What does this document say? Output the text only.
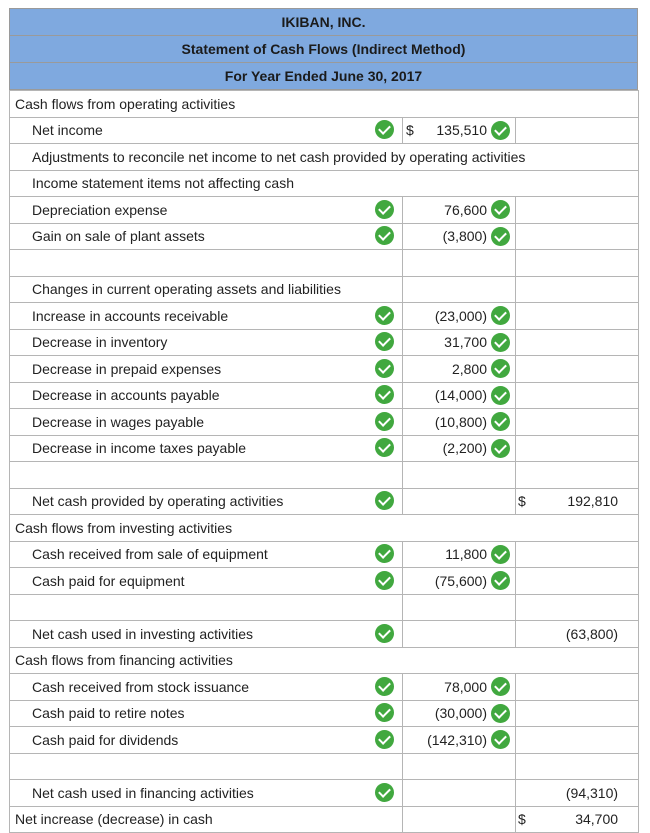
IKIBAN, INC.
Statement of Cash Flows (Indirect Method)
For Year Ended June 30, 2017
Cash flows from operating activities		
Net income	$ 135,510	

Adjustments to reconcile net income to net cash provided by operating activities		
Income statement items not affecting cash		
Depreciation expense	76,600	

Gain on sale of plant assets	(3,800)	

Changes in current operating assets and liabilities		
Increase in accounts receivable	(23,000)	

Decrease in inventory	31,700	

Decrease in prepaid expenses	2,800	

Decrease in accounts payable	(14,000)	

Decrease in wages payable	(10,800)	

Decrease in income taxes payable	(2,200)	

Net cash provided by operating activities		$ 192,810

Cash flows from investing activities		
Cash received from sale of equipment	11,800	

Cash paid for equipment	(75,600)	

Net cash used in investing activities		(63,800)
Cash flows from financing activities		
Cash received from stock issuance	78,000	

Cash paid to retire notes	(30,000)	

Cash paid for dividends	(142,310)	

Net cash used in financing activities		(94,310)
Net increase (decrease) in cash		$ 34,700
